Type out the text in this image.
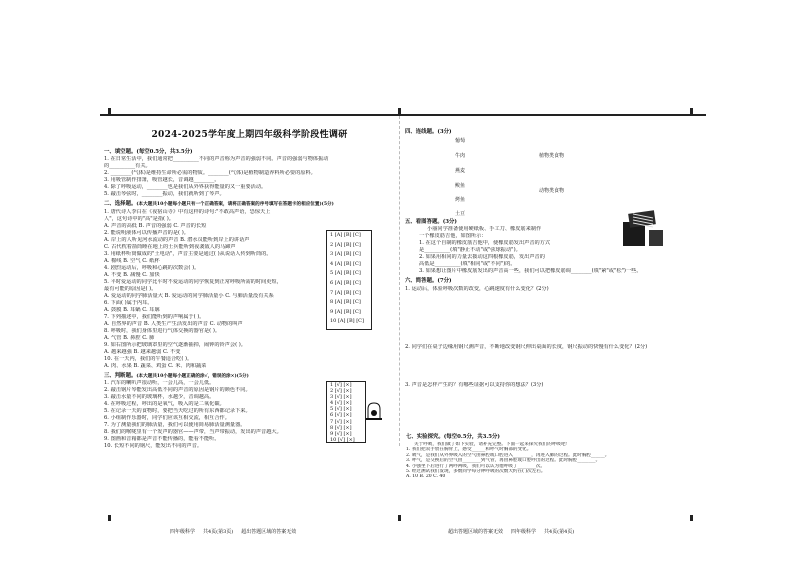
2024-2025学年度上期四年级科学阶段性调研
一、填空题。(每空0.5分，共3.5分)
1. 在日常生活中，我们通常把__________不同的声音称为声音的强弱不同。声音的强弱与物体振动
的__________有关。
2. ________(气体)是维持生命所必需的物质。________(气体)是植物制造养料所必要的原料。
3. 用吸管制作排箫，吸管越长，音调越________。
4. 除了呼吸运动，________也是我们从外界获得能量的又一重要活动。
5. 敲击琴弦时，________振动，我们就听到了琴声。
二、选择题。(本大题共10小题每小题只有一个正确答案，请将正确答案的序号填写在答题卡的相应位置)(5分)
1. 唐代诗人李白在《夜宿山寺》中有这样的诗句:"不敢高声语，恐惊天上
人"，这句诗中的"高"是指( )。
A. 声音的高低 B. 声音的强弱 C. 声音的长短
2. 能说明液体可以传播声音的是( )。
A. 岸上的人听见河水流动的声音 B. 潜水员能听到岸上的讲话声
C. 古代枕着箭筒睡在地上的士兵能听到夜袭敌人的马蹄声
3. 用纸杯听筒做成的"土电话"，声音主要是通过( )从说话人传到听筒的。
A. 棉线 B. 空气 C. 纸杯
4. 剧烈运动后，呼吸和心跳的次数会( )。
A. 不变 B. 减慢 C. 加快
5. 平时爱运动的同学比平时不爱运动的同学恢复到正常呼吸所需的时间更短，
最有可能的原因是( )。
A. 爱运动的同学肺活量大 B. 爱运动的同学肺活量小 C. 与肺活量没有关系
6. 下面( )属于内耳。
A. 鼓膜 B. 耳蜗 C. 耳廓
7. 下列描述中，我们能听到的声响属于( )。
A. 自然界的声音 B. 人类生产生活发出的声音 C. 动物的叫声
8. 呼吸时，我们身体里进行气体交换的器官是( )。
A. 气管 B. 鼻腔 C. 肺
9. 如右图所示把玻璃罩里的空气逐渐抽掉，闹钟的铃声会( )。
A. 越来越强 B. 越来越弱 C. 不变
10. 在一天内，我们的午餐适合吃( )。
A. 肉、水果 B. 蔬菜、鸡蛋 C. 米、肉和蔬菜
三、判断题。(本大题共10小题每小题正确的涂√，错误的涂×)(5分)
1. 汽车的喇叭声很动听，一会儿高，一会儿低。
2. 敲击钢片琴能发出高低不同的声音的原因是钢片的颜色不同。
3. 敲击水量不同的玻璃杯，水越少，音调越高。
4. 在呼吸过程，呼出的是氧气，吸入的是二氧化碳。
5. 在记录一天的食物时，要把当天吃过的所有东西都记录下来。
6. 小组制作乐器时，同学们应该互相交流，相互合作。
7. 为了测量我们的肺活量，我们可以使用简易肺活量测量器。
8. 我们的喉咙里有一个发声的器官——声带，当声带振动，发出的声音越大。
9. 图画和音箱都是声音不能传播的，能看不能听。
10. 长短不同的钢尺，能发出不同的声音。
1 [A] [B] [C]
2 [A] [B] [C]
3 [A] [B] [C]
4 [A] [B] [C]
5 [A] [B] [C]
6 [A] [B] [C]
7 [A] [B] [C]
8 [A] [B] [C]
9 [A] [B] [C]
10 [A] [B] [C]
1 [√] [×]
2 [√] [×]
3 [√] [×]
4 [√] [×]
5 [√] [×]
6 [√] [×]
7 [√] [×]
8 [√] [×]
9 [√] [×]
10 [√] [×]
四、连线题。(3分)
葡萄
牛肉
燕麦
鲅鱼
烤鱼
土豆
植物类食物
动物类食物
五、看图答题。(3分)
小丽同学准备使用硬纸板、手工刀、橡皮筋来制作
一个橡皮筋吉他，如图所示：
1. 在这个自制的橡皮筋吉他中，使橡皮筋发出声音的方式
是__________(填"静止不动"或"弦球振动")。
2. 如果用相同的力量去拨动这四根橡皮筋，发出声音的
高低是__________(填"相同"或"不同")的。
3. 如果想让图片中橡皮筋发出的声音高一些，我们可以把橡皮筋调________(填"紧"或"松")一些。
六、简答题。(7分)
1. 运动后，体验呼吸次数的改变，心跳速度有什么变化？(2分)
2. 同学们在桌子边缘用钢尺测声音，不断地改变钢尺伸出桌面的长度，钢尺振动的快慢有什么变化？(2分)
3. 声音是怎样产生的？有哪些证据可以支持你的想法？(3分)
七、实验探究。(每空0.5分，共3.5分)
关于呼吸，我们做了如下实验，请补充完整。下面一起来探究我们的呼吸吧！
1. 我们把双手放在胸骨上，感受______和呼气时胸部的变化。
2. 吸气，是我们从外界吸入的空气由鼻腔或口腔进入________，再进入肺的过程。此时胸腔______。
3. 呼气，是交换后的空气由________到气管，再由鼻腔或口腔呼出的过程。此时胸腔________。
4. 小强坐下后进行了两呼两吸，我们可以认为他呼吸了________次。
5. 经过测试我们发现，多数同学每分钟呼吸的次数大约在( )次左右。
A. 10 B. 20 C. 40
四年级科学 共4页(第3页) 超出答题区域的答案无效	超出答题区域的答案无效 四年级科学 共4页(第4页)
